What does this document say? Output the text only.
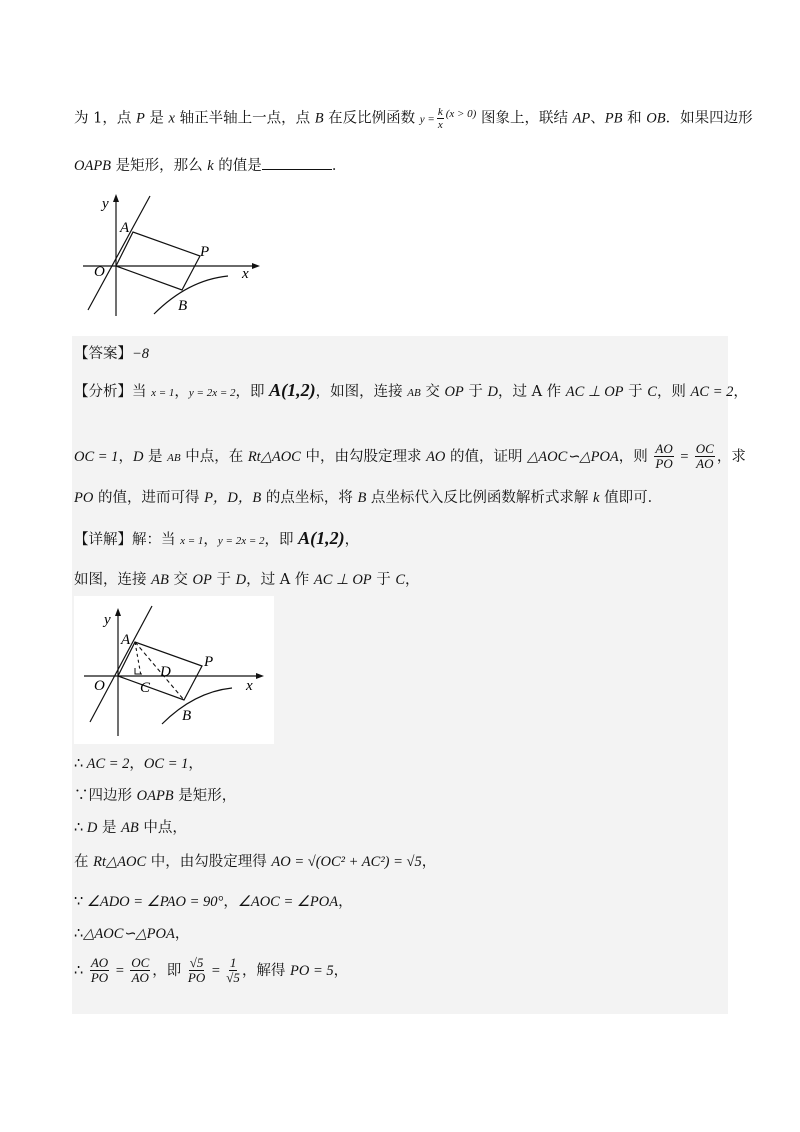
为 1，点 P 是 x 轴正半轴上一点，点 B 在反比例函数 $y = \frac{k}{x} ^{(x > 0)}$ 图象上，联结 AP、PB 和 OB．如果四边形
OAPB 是矩形，那么 k 的值是	．
y
x
O
A
P
B
【答案】−8
【分析】当 x = 1，y = 2x = 2，即 A(1,2)，如图，连接 AB 交 OP 于 D，过 A 作 AC ⊥ OP 于 C，则 AC = 2，
OC = 1，D 是 AB 中点，在 Rt△AOC 中，由勾股定理求 AO 的值，证明 △AOC∽△POA，则 $\frac{AO}{PO} = \frac{OC}{AO}$ ，求
PO 的值，进而可得 P，D，B 的点坐标，将 B 点坐标代入反比例函数解析式求解 k 值即可．
【详解】解：当 x = 1，y = 2x = 2，即 A(1,2)，
如图，连接 AB 交 OP 于 D，过 A 作 AC ⊥ OP 于 C，
y
x
O
A
P
B
C
D
∴ AC = 2，OC = 1，
∵四边形 OAPB 是矩形，
∴ D 是 AB 中点，
在 Rt△AOC 中，由勾股定理得 AO = √(OC² + AC²) = √5，
∵ ∠ADO = ∠PAO = 90°，∠AOC = ∠POA，
∴△AOC∽△POA，
∴ $\frac{AO}{PO} = \frac{OC}{AO}$ ，即 $\frac{√5}{PO} = \frac{1}{√5}$ ，解得 PO = 5，
